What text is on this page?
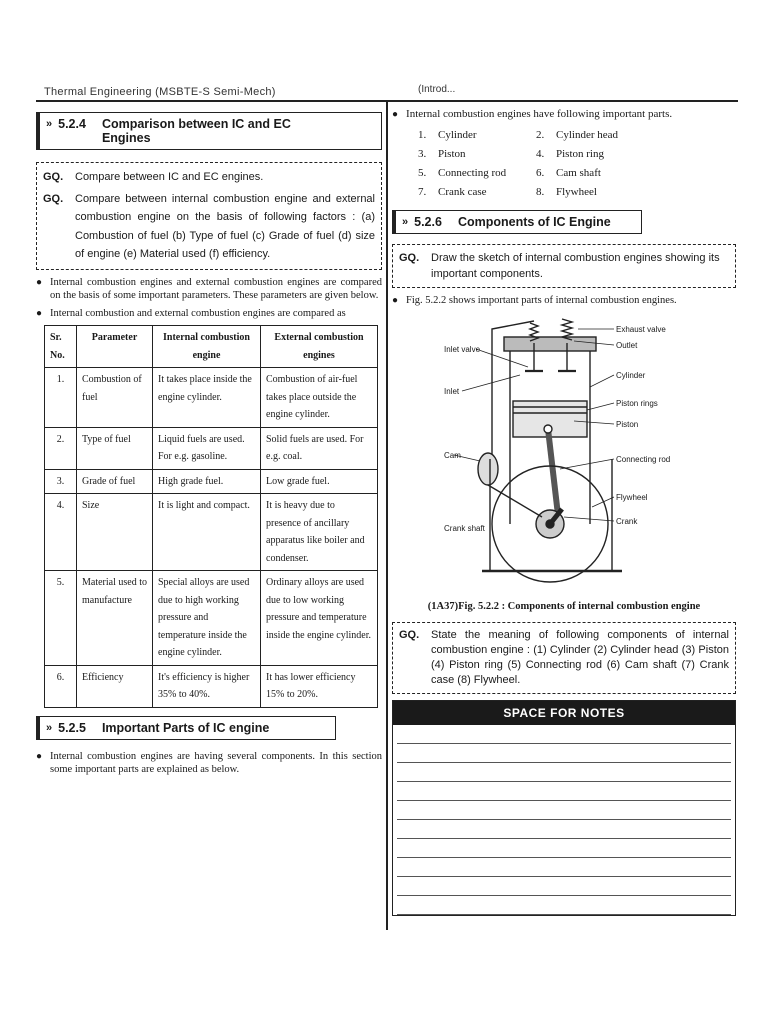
Thermal Engineering (MSBTE-S Semi-Mech)	(Introd...
» 5.2.4 Comparison between IC and EC Engines
GQ.	Compare between IC and EC engines.
GQ.	Compare between internal combustion engine and external combustion engine on the basis of following factors : (a) Combustion of fuel (b) Type of fuel (c) Grade of fuel (d) size of engine (e) Material used (f) efficiency.
● Internal combustion engines and external combustion engines are compared on the basis of some important parameters. These parameters are given below.
● Internal combustion and external combustion engines are compared as
Sr. No.	Parameter	Internal combustion engine	External combustion engines
1.	Combustion of fuel	It takes place inside the engine cylinder.	Combustion of air-fuel takes place outside the engine cylinder.
2.	Type of fuel	Liquid fuels are used. For e.g. gasoline.	Solid fuels are used. For e.g. coal.
3.	Grade of fuel	High grade fuel.	Low grade fuel.
4.	Size	It is light and compact.	It is heavy due to presence of ancillary apparatus like boiler and condenser.
5.	Material used to manufacture	Special alloys are used due to high working pressure and temperature inside the engine cylinder.	Ordinary alloys are used due to low working pressure and temperature inside the engine cylinder.
6.	Efficiency	It's efficiency is higher 35% to 40%.	It has lower efficiency 15% to 20%.
» 5.2.5 Important Parts of IC engine
● Internal combustion engines are having several components. In this section some important parts are explained as below.
● Internal combustion engines have following important parts.
1.	Cylinder	2.	Cylinder head
3.	Piston	4.	Piston ring
5.	Connecting rod	6.	Cam shaft
7.	Crank case	8.	Flywheel
» 5.2.6 Components of IC Engine
GQ.	Draw the sketch of internal combustion engines showing its important components.
● Fig. 5.2.2 shows important parts of internal combustion engines.
Exhaust valve
Outlet
Inlet valve
Cylinder
Inlet
Piston rings
Piston
Cam	Connecting rod
Flywheel
Crank
Crank shaft
(1A37)Fig. 5.2.2 : Components of internal combustion engine
GQ.	State the meaning of following components of internal combustion engine : (1) Cylinder (2) Cylinder head (3) Piston (4) Piston ring (5) Connecting rod (6) Cam shaft (7) Crank case (8) Flywheel.
SPACE FOR NOTES
